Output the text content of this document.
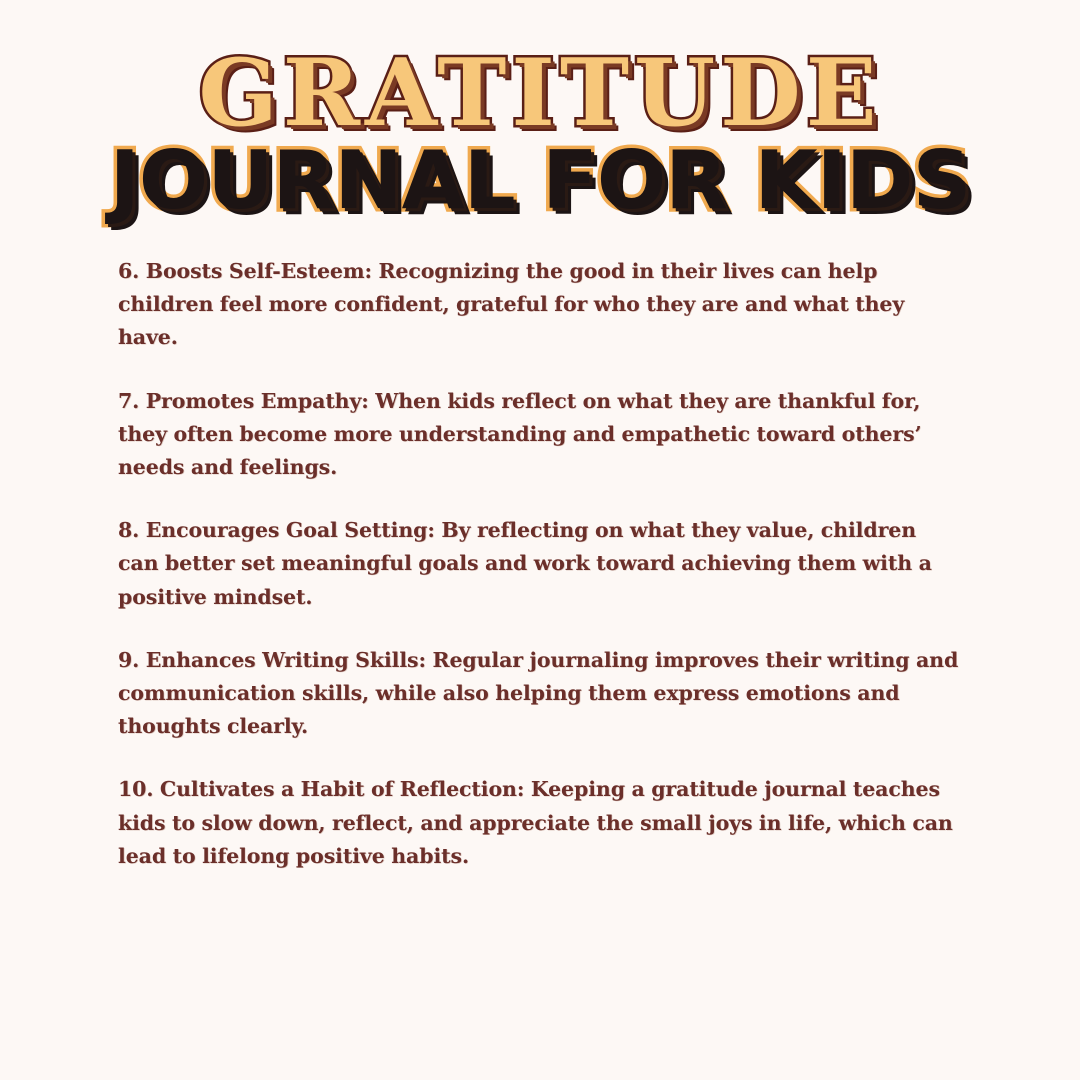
GRATITUDE
JOURNAL FOR KIDS

6. Boosts Self-Esteem: Recognizing the good in their lives can help children feel more confident, grateful for who they are and what they have.

7. Promotes Empathy: When kids reflect on what they are thankful for, they often become more understanding and empathetic toward others’ needs and feelings.

8. Encourages Goal Setting: By reflecting on what they value, children can better set meaningful goals and work toward achieving them with a positive mindset.

9. Enhances Writing Skills: Regular journaling improves their writing and communication skills, while also helping them express emotions and thoughts clearly.

10. Cultivates a Habit of Reflection: Keeping a gratitude journal teaches kids to slow down, reflect, and appreciate the small joys in life, which can lead to lifelong positive habits.
